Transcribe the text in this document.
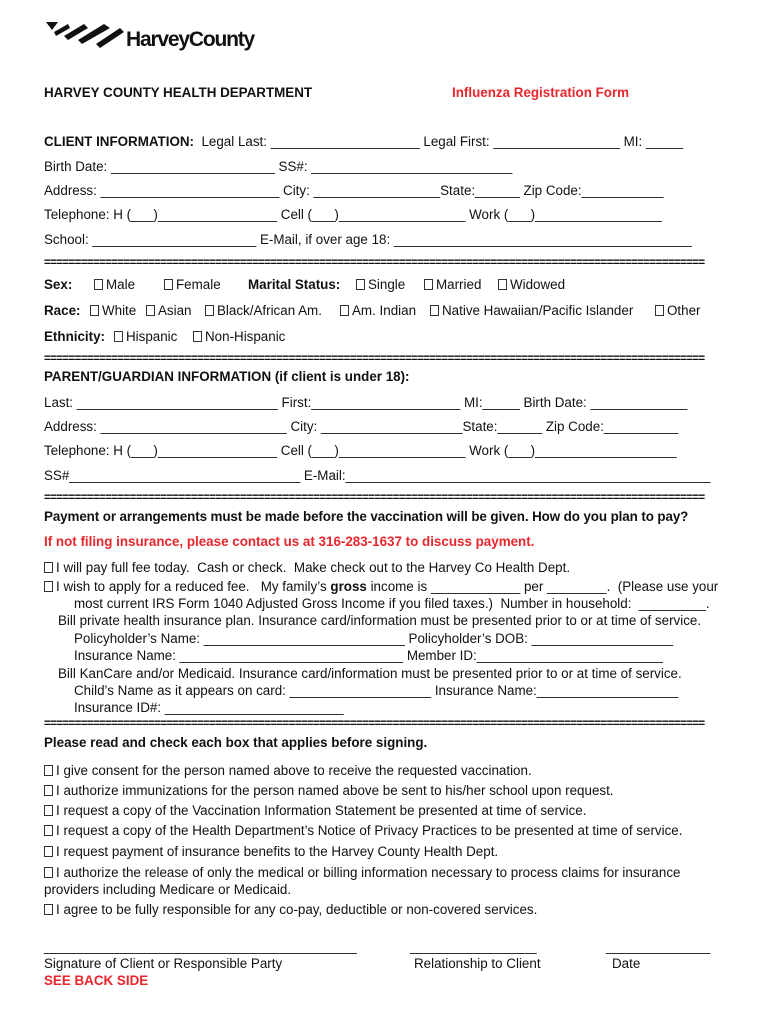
HarveyCounty
HARVEY COUNTY HEALTH DEPARTMENT	Influenza Registration Form
CLIENT INFORMATION: Legal Last: ____________________ Legal First: _________________ MI: _____
Birth Date: ______________________ SS#: ___________________________
Address: ________________________ City: _________________State:______ Zip Code:___________
Telephone: H (___)________________ Cell (___)_________________ Work (___)_________________
School: ______________________ E-Mail, if over age 18: ________________________________________
============================================================================================================
Sex:	Male	Female Marital Status:	Single	Married	Widowed
Race:	White	Asian	Black/African Am.	Am. Indian	Native Hawaiian/Pacific Islander	Other
Ethnicity:	Hispanic	Non-Hispanic
============================================================================================================
PARENT/GUARDIAN INFORMATION (if client is under 18):
Last: ___________________________ First:____________________ MI:_____ Birth Date: _____________
Address: _________________________ City: ___________________State:______ Zip Code:__________
Telephone: H (___)________________ Cell (___)_________________ Work (___)___________________
SS#_______________________________ E-Mail:_________________________________________________
============================================================================================================
Payment or arrangements must be made before the vaccination will be given. How do you plan to pay?
If not filing insurance, please contact us at 316-283-1637 to discuss payment.
I will pay full fee today.  Cash or check.  Make check out to the Harvey Co Health Dept.
I wish to apply for a reduced fee.   My family’s gross income is ____________ per ________.  (Please use your
most current IRS Form 1040 Adjusted Gross Income if you filed taxes.)  Number in household:  _________.
Bill private health insurance plan. Insurance card/information must be presented prior to or at time of service.
Policyholder’s Name: ___________________________ Policyholder’s DOB: ___________________
Insurance Name: ______________________________ Member ID:_________________________
Bill KanCare and/or Medicaid. Insurance card/information must be presented prior to or at time of service.
Child’s Name as it appears on card: ___________________ Insurance Name:___________________
Insurance ID#: ________________________
============================================================================================================
Please read and check each box that applies before signing.
I give consent for the person named above to receive the requested vaccination.
I authorize immunizations for the person named above be sent to his/her school upon request.
I request a copy of the Vaccination Information Statement be presented at time of service.
I request a copy of the Health Department’s Notice of Privacy Practices to be presented at time of service.
I request payment of insurance benefits to the Harvey County Health Dept.
I authorize the release of only the medical or billing information necessary to process claims for insurance
providers including Medicare or Medicaid.
I agree to be fully responsible for any co-pay, deductible or non-covered services.
__________________________________________	_________________	______________
Signature of Client or Responsible Party	Relationship to Client	Date
SEE BACK SIDE
